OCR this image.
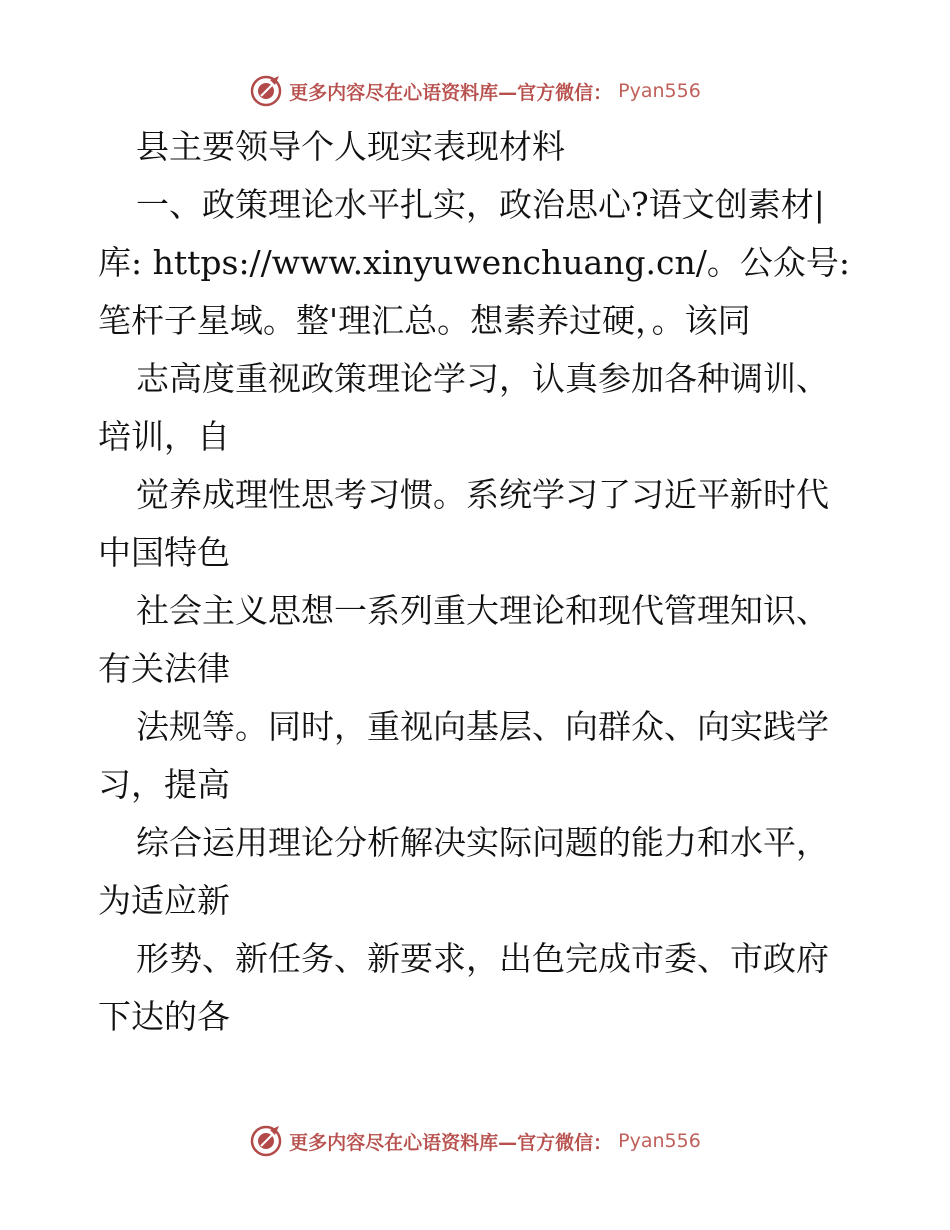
更多内容尽在心语资料库—官方微信： Pyan556
县主要领导个人现实表现材料
一、政策理论水平扎实，政治思心?语文创素材|
库: https://www.xinyuwenchuang.cn/。公众号:
笔杆子星域。整'理汇总。想素养过硬，。该同
志高度重视政策理论学习，认真参加各种调训、
培训，自
觉养成理性思考习惯。系统学习了习近平新时代
中国特色
社会主义思想一系列重大理论和现代管理知识、
有关法律
法规等。同时，重视向基层、向群众、向实践学
习，提高
综合运用理论分析解决实际问题的能力和水平，
为适应新
形势、新任务、新要求，出色完成市委、市政府
下达的各
更多内容尽在心语资料库—官方微信： Pyan556
